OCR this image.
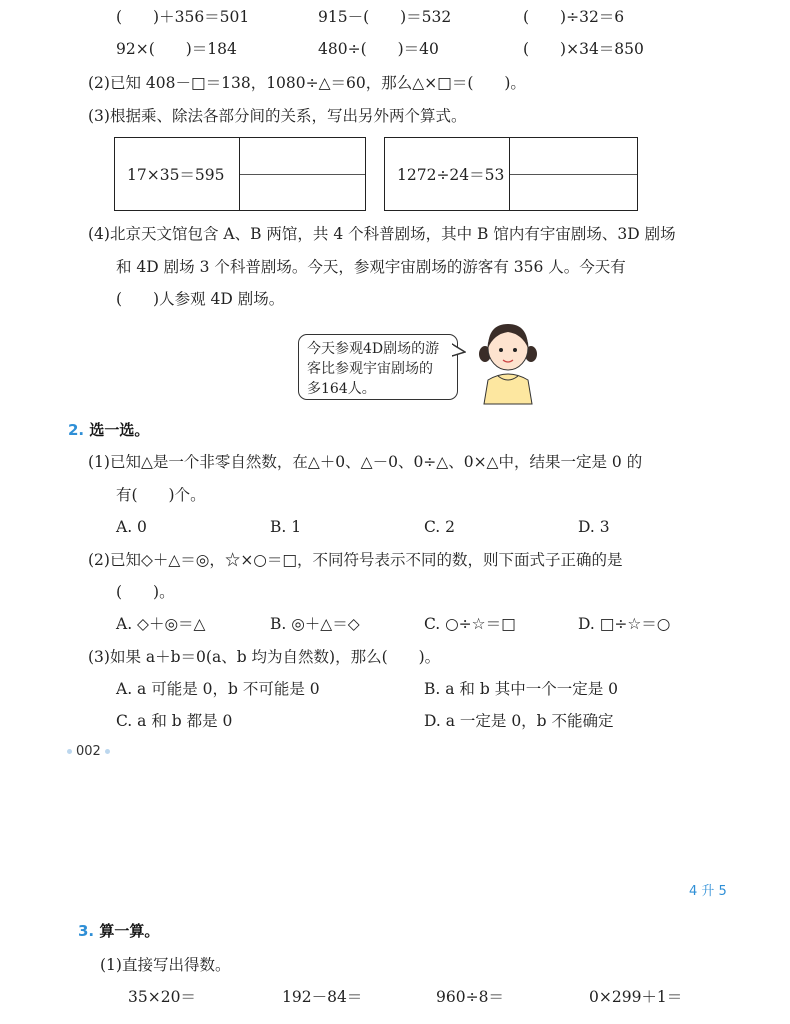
(　　)＋356＝501	915－(　　)＝532	(　　)÷32＝6
92×(　　)＝184	480÷(　　)＝40	(　　)×34＝850
(2)已知 408－□＝138，1080÷△＝60，那么△×□＝(　　)。
(3)根据乘、除法各部分间的关系，写出另外两个算式。
17×35＝595	1272÷24＝53
(4)北京天文馆包含 A、B 两馆，共 4 个科普剧场，其中 B 馆内有宇宙剧场、3D 剧场
和 4D 剧场 3 个科普剧场。今天，参观宇宙剧场的游客有 356 人。今天有
(　　)人参观 4D 剧场。
今天参观4D剧场的游
客比参观宇宙剧场的
多164人。
2. 选一选。
(1)已知△是一个非零自然数，在△＋0、△－0、0÷△、0×△中，结果一定是 0 的
有(　　)个。
A. 0	B. 1	C. 2	D. 3
(2)已知◇＋△＝◎，☆×○＝□，不同符号表示不同的数，则下面式子正确的是
(　　)。
A. ◇＋◎＝△	B. ◎＋△＝◇	C. ○÷☆＝□	D. □÷☆＝○
(3)如果 a＋b＝0(a、b 均为自然数)，那么(　　)。
A. a 可能是 0，b 不可能是 0	B. a 和 b 其中一个一定是 0
C. a 和 b 都是 0	D. a 一定是 0，b 不能确定
002
4 升 5
3. 算一算。
(1)直接写出得数。
35×20＝	192－84＝	960÷8＝	0×299＋1＝
